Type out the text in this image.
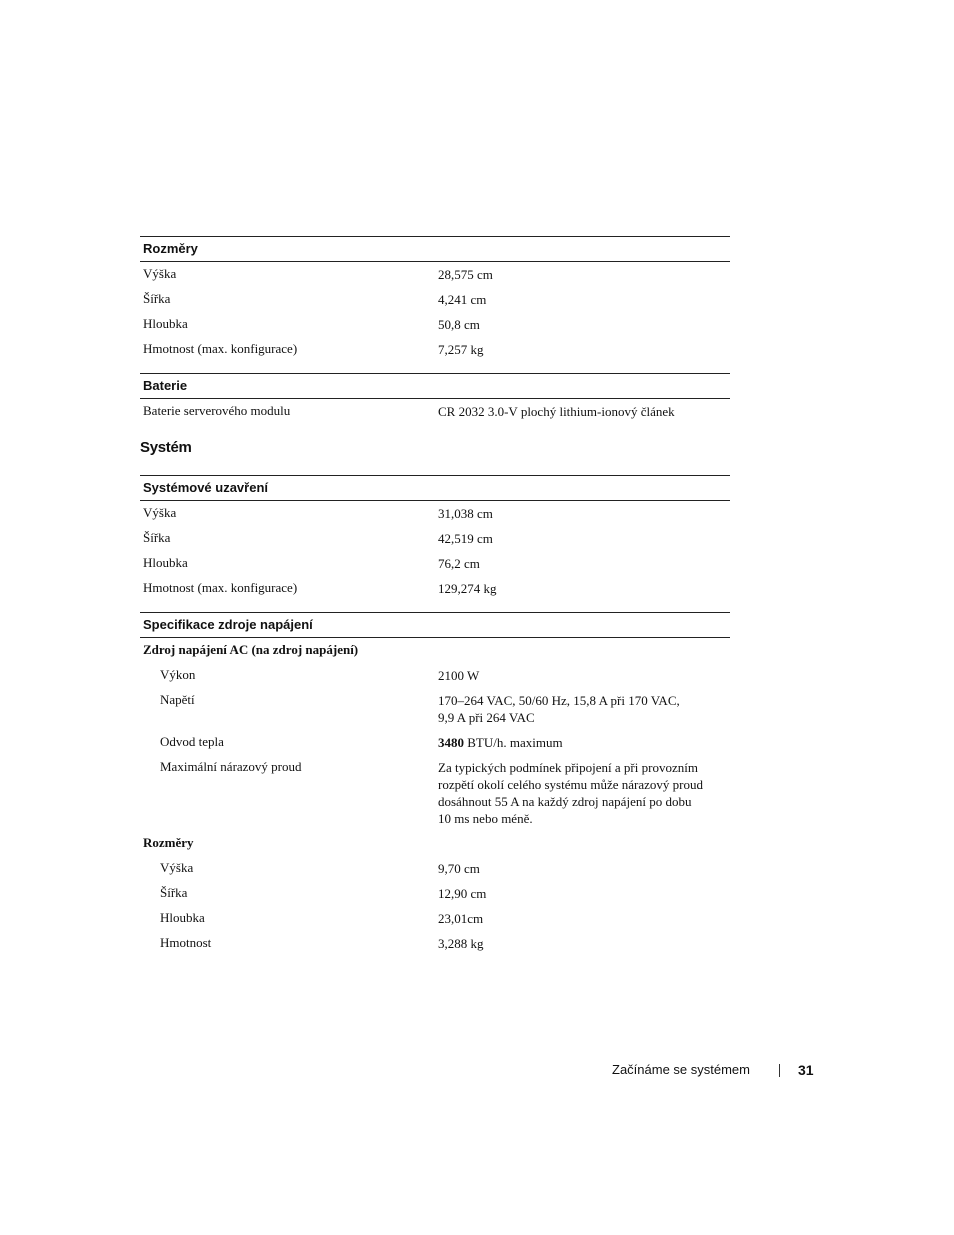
Rozměry
Výška	28,575 cm
Šířka	4,241 cm
Hloubka	50,8 cm
Hmotnost (max. konfigurace)	7,257 kg
Baterie
Baterie serverového modulu	CR 2032 3.0-V plochý lithium-ionový článek
Systém
Systémové uzavření
Výška	31,038 cm
Šířka	42,519 cm
Hloubka	76,2 cm
Hmotnost (max. konfigurace)	129,274 kg
Specifikace zdroje napájení
Zdroj napájení AC (na zdroj napájení)
Výkon	2100 W
Napětí	170–264 VAC, 50/60 Hz, 15,8 A při 170 VAC,
9,9 A při 264 VAC
Odvod tepla	3480 BTU/h. maximum
Maximální nárazový proud	Za typických podmínek připojení a při provozním
rozpětí okolí celého systému může nárazový proud
dosáhnout 55 A na každý zdroj napájení po dobu
10 ms nebo méně.
Rozměry
Výška	9,70 cm
Šířka	12,90 cm
Hloubka	23,01cm
Hmotnost	3,288 kg
Začínáme se systémem	31
